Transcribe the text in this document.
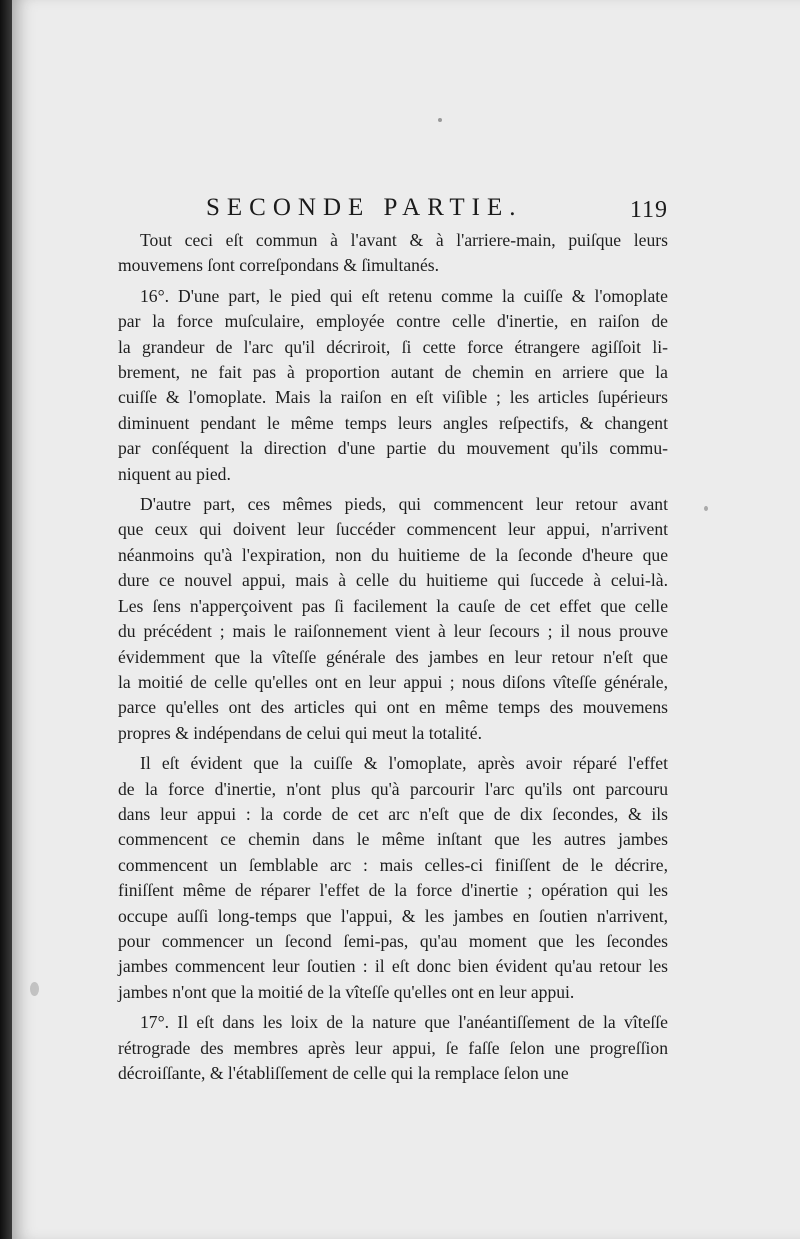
SECONDE PARTIE.	119

Tout ceci eſt commun à l'avant & à l'arriere-main, puiſque leurs
mouvemens ſont correſpondans & ſimultanés.

16°. D'une part, le pied qui eſt retenu comme la cuiſſe & l'omoplate
par la force muſculaire, employée contre celle d'inertie, en raiſon de
la grandeur de l'arc qu'il décriroit, ſi cette force étrangere agiſſoit li-
brement, ne fait pas à proportion autant de chemin en arriere que la
cuiſſe & l'omoplate. Mais la raiſon en eſt viſible ; les articles ſupérieurs
diminuent pendant le même temps leurs angles reſpectifs, & changent
par conſéquent la direction d'une partie du mouvement qu'ils commu-
niquent au pied.

D'autre part, ces mêmes pieds, qui commencent leur retour avant
que ceux qui doivent leur ſuccéder commencent leur appui, n'arrivent
néanmoins qu'à l'expiration, non du huitieme de la ſeconde d'heure que
dure ce nouvel appui, mais à celle du huitieme qui ſuccede à celui-là.
Les ſens n'apperçoivent pas ſi facilement la cauſe de cet effet que celle
du précédent ; mais le raiſonnement vient à leur ſecours ; il nous prouve
évidemment que la vîteſſe générale des jambes en leur retour n'eſt que
la moitié de celle qu'elles ont en leur appui ; nous diſons vîteſſe générale,
parce qu'elles ont des articles qui ont en même temps des mouvemens
propres & indépendans de celui qui meut la totalité.

Il eſt évident que la cuiſſe & l'omoplate, après avoir réparé l'effet
de la force d'inertie, n'ont plus qu'à parcourir l'arc qu'ils ont parcouru
dans leur appui : la corde de cet arc n'eſt que de dix ſecondes, & ils
commencent ce chemin dans le même inſtant que les autres jambes
commencent un ſemblable arc : mais celles-ci finiſſent de le décrire,
finiſſent même de réparer l'effet de la force d'inertie ; opération qui les
occupe auſſi long-temps que l'appui, & les jambes en ſoutien n'arrivent,
pour commencer un ſecond ſemi-pas, qu'au moment que les ſecondes
jambes commencent leur ſoutien : il eſt donc bien évident qu'au retour les
jambes n'ont que la moitié de la vîteſſe qu'elles ont en leur appui.

17°. Il eſt dans les loix de la nature que l'anéantiſſement de la vîteſſe
rétrograde des membres après leur appui, ſe faſſe ſelon une progreſſion
décroiſſante, & l'établiſſement de celle qui la remplace ſelon une
